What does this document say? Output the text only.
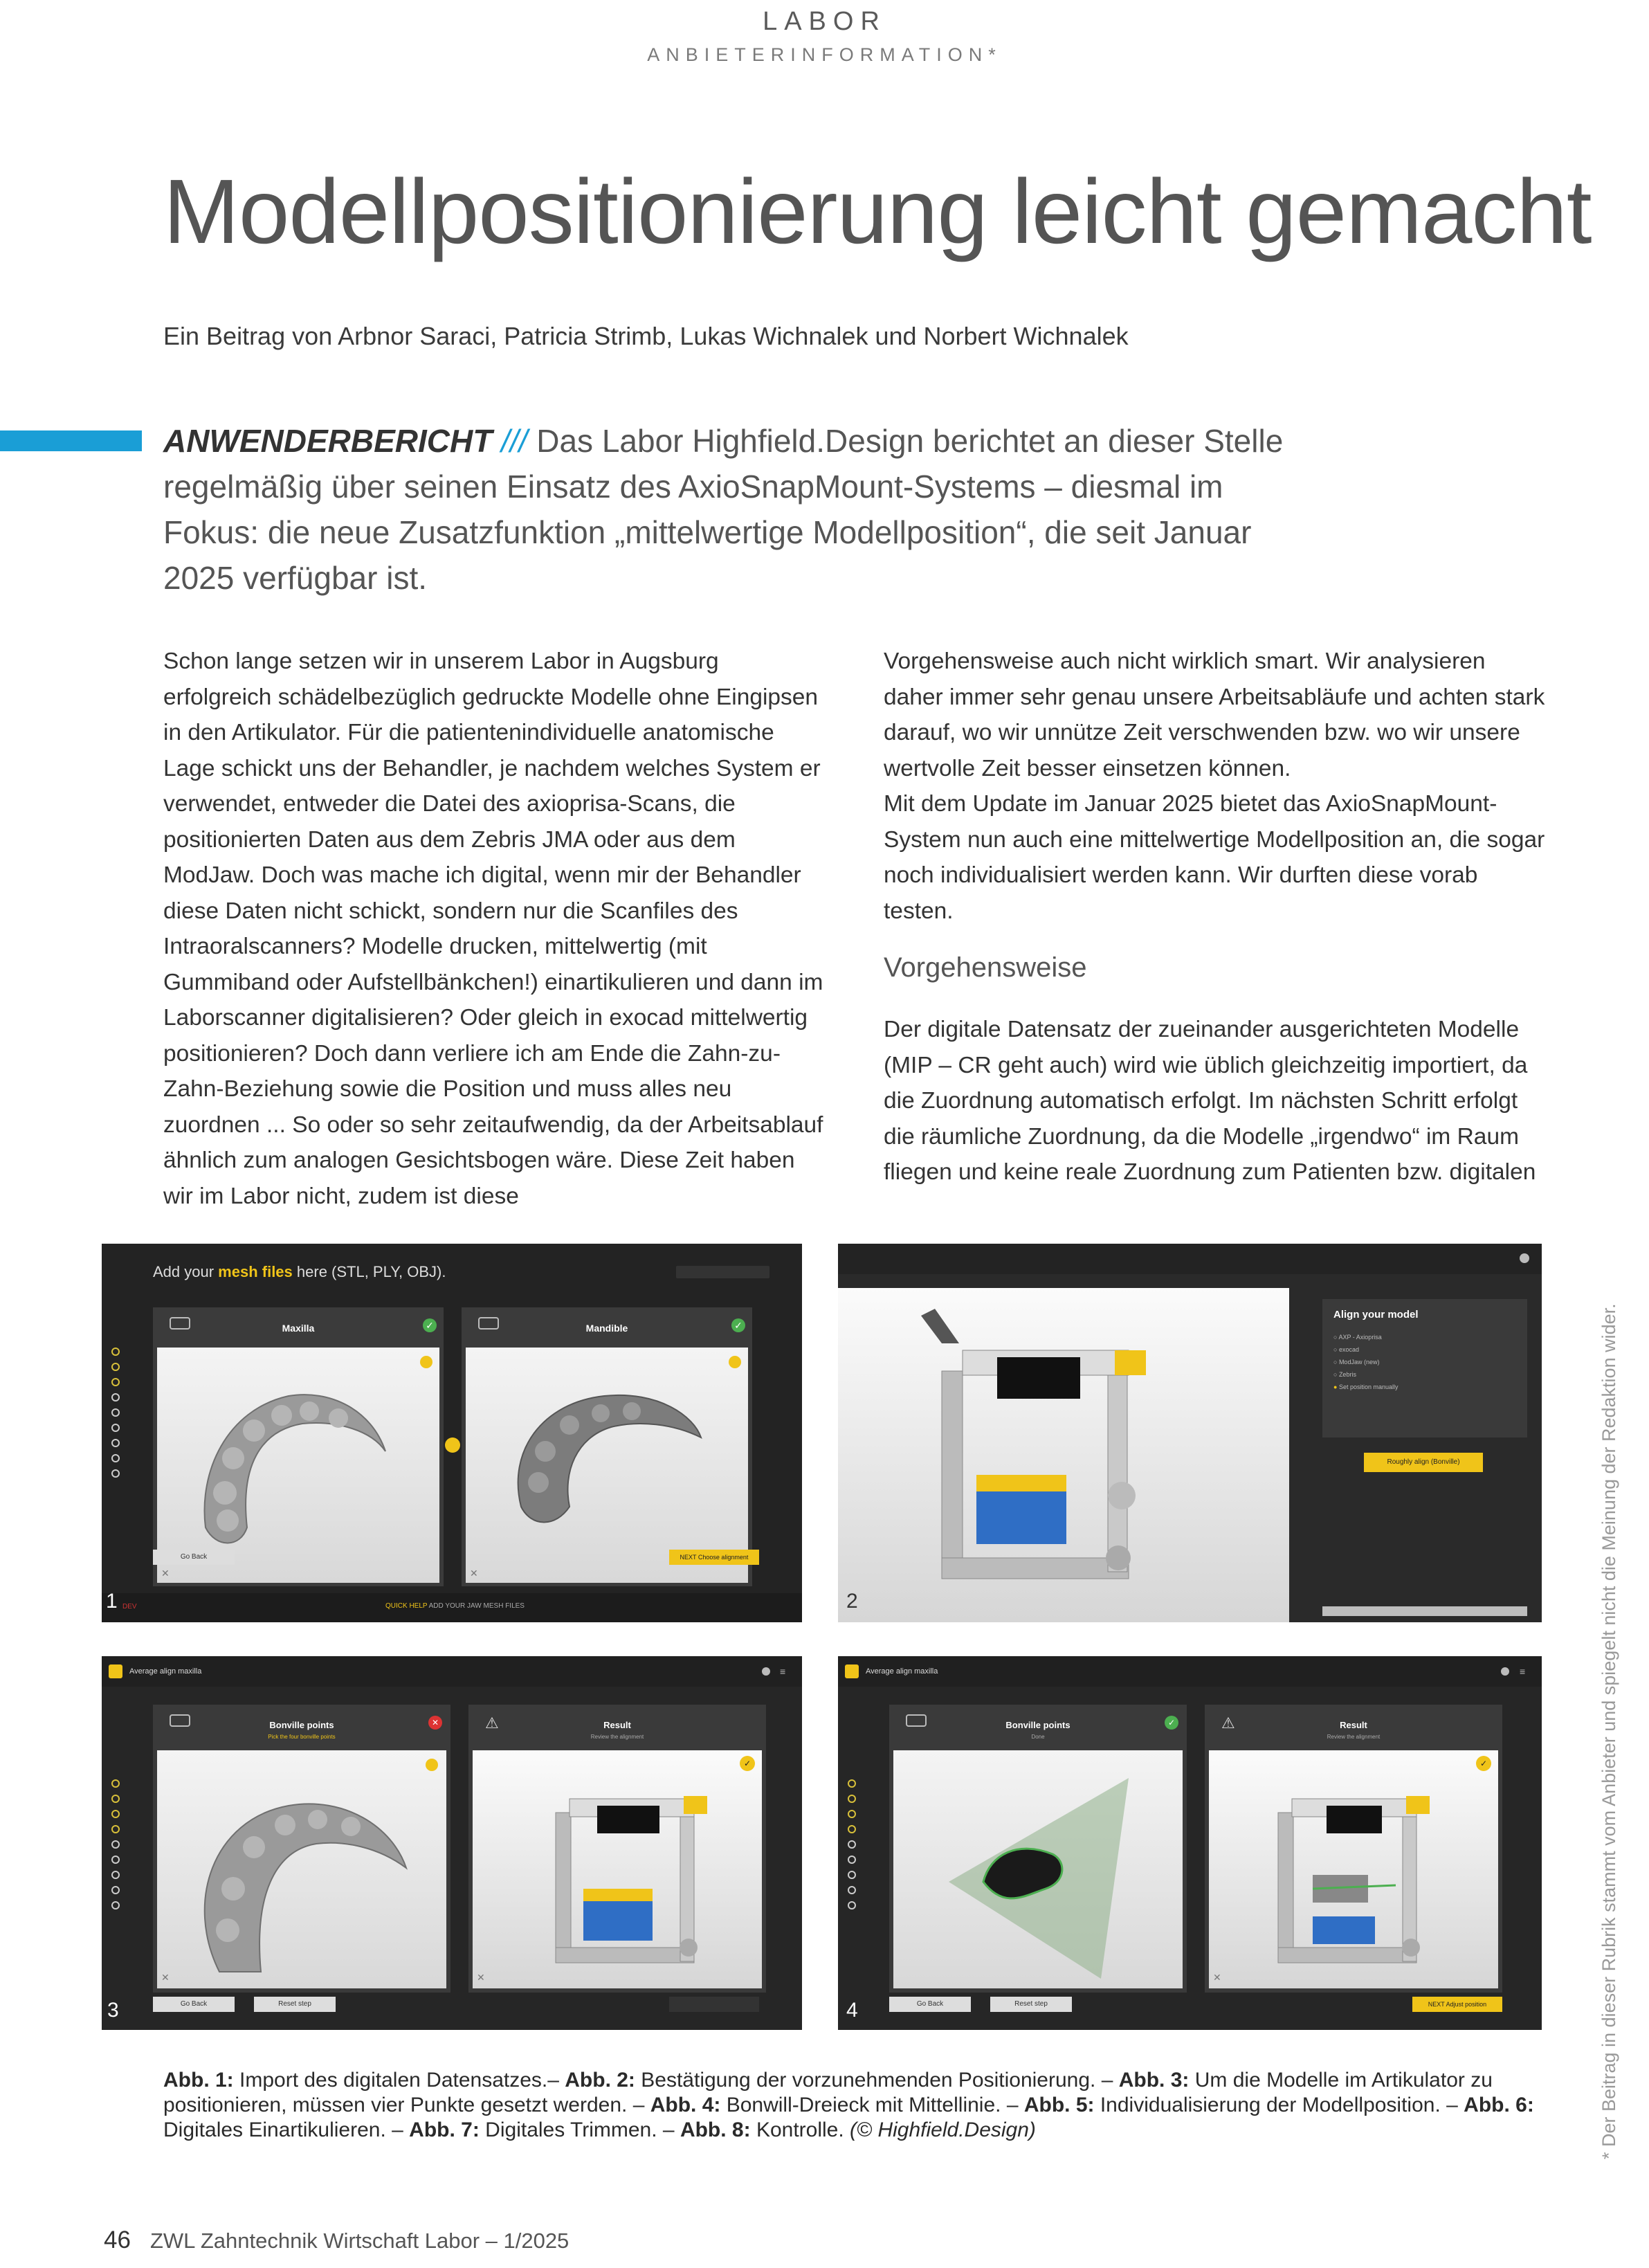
LABOR
ANBIETERINFORMATION*
Modellpositionierung leicht gemacht
Ein Beitrag von Arbnor Saraci, Patricia Strimb, Lukas Wichnalek und Norbert Wichnalek
ANWENDERBERICHT /// Das Labor Highfield.Design berichtet an dieser Stelle regelmäßig über seinen Einsatz des AxioSnapMount-Systems – diesmal im Fokus: die neue Zusatzfunktion „mittelwertige Modellposition“, die seit Januar 2025 verfügbar ist.

Schon lange setzen wir in unserem Labor in Augsburg erfolgreich schädelbezüglich gedruckte Modelle ohne Eingipsen in den Artikulator. Für die patientenindividuelle anatomische Lage schickt uns der Behandler, je nachdem welches System er verwendet, entweder die Datei des axioprisa-Scans, die positionierten Daten aus dem Zebris JMA oder aus dem ModJaw. Doch was mache ich digital, wenn mir der Behandler diese Daten nicht schickt, sondern nur die Scanfiles des Intraoralscanners? Modelle drucken, mittelwertig (mit Gummiband oder Aufstellbänkchen!) einartikulieren und dann im Laborscanner digitalisieren? Oder gleich in exocad mittelwertig positionieren? Doch dann verliere ich am Ende die Zahn-zu-Zahn-Beziehung sowie die Position und muss alles neu zuordnen ... So oder so sehr zeitaufwendig, da der Arbeitsablauf ähnlich zum analogen Gesichtsbogen wäre. Diese Zeit haben wir im Labor nicht, zudem ist diese

Vorgehensweise auch nicht wirklich smart. Wir analysieren daher immer sehr genau unsere Arbeitsabläufe und achten stark darauf, wo wir unnütze Zeit verschwenden bzw. wo wir unsere wertvolle Zeit besser einsetzen können.

Mit dem Update im Januar 2025 bietet das AxioSnapMount-System nun auch eine mittelwertige Modellposition an, die sogar noch individualisiert werden kann. Wir durften diese vorab testen.

Vorgehensweise

Der digitale Datensatz der zueinander ausgerichteten Modelle (MIP – CR geht auch) wird wie üblich gleichzeitig importiert, da die Zuordnung automatisch erfolgt. Im nächsten Schritt erfolgt die räumliche Zuordnung, da die Modelle „irgendwo“ im Raum fliegen und keine reale Zuordnung zum Patienten bzw. digitalen

Add your mesh files here (STL, PLY, OBJ).
Maxilla	✓
✕
Mandible	✓
✕
Go Back	NEXT Choose alignment
DEV	QUICK HELP ADD YOUR JAW MESH FILES
1
Align your model
○ AXP - Axioprisa
○ exocad
○ ModJaw (new)
○ Zebris
● Set position manually
Roughly align (Bonville)
2
Average align maxilla	≡
Bonville points
Pick the four bonville points
✕
✕
⚠	Result
Review the alignment
✓
✕
Go Back	Reset step
3
Average align maxilla	≡
Bonville points
Done
✓	⚠	Result
Review the alignment
✓
✕
Go Back	Reset step	NEXT Adjust position
4
Abb. 1: Import des digitalen Datensatzes.– Abb. 2: Bestätigung der vorzunehmenden Positionierung. – Abb. 3: Um die Modelle im Artikulator zu positionieren, müssen vier Punkte gesetzt werden. – Abb. 4: Bonwill-Dreieck mit Mittellinie. – Abb. 5: Individualisierung der Modellposition. – Abb. 6: Digitales Einartikulieren. – Abb. 7: Digitales Trimmen. – Abb. 8: Kontrolle. (© Highfield.Design)	* Der Beitrag in dieser Rubrik stammt vom Anbieter und spiegelt nicht die Meinung der Redaktion wider.
46 ZWL Zahntechnik Wirtschaft Labor – 1/2025
